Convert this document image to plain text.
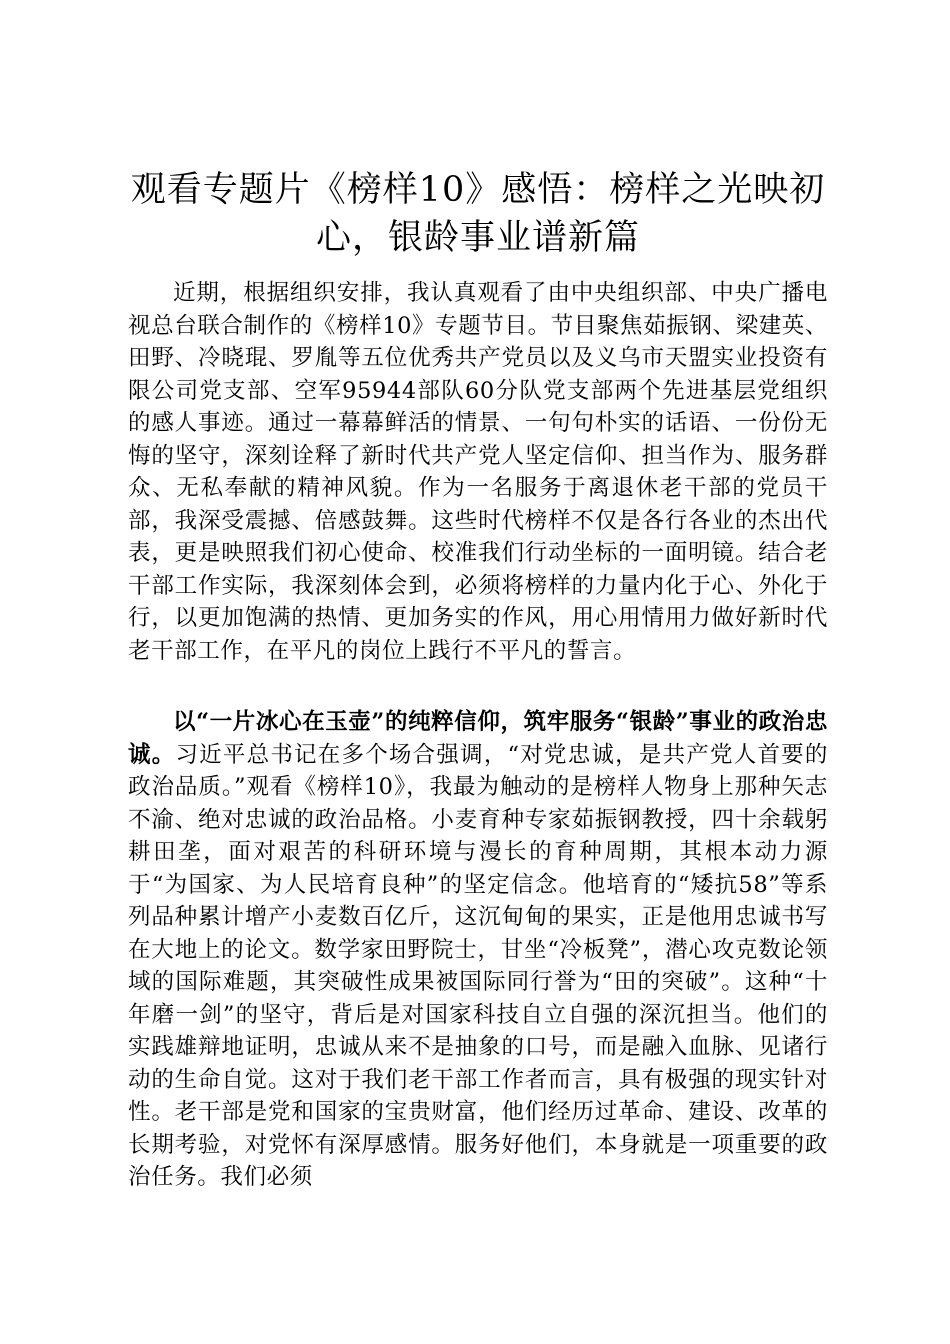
观看专题片《榜样10》感悟：榜样之光映初心，银龄事业谱新篇

近期，根据组织安排，我认真观看了由中央组织部、中央广播电视总台联合制作的《榜样10》专题节目。节目聚焦茹振钢、梁建英、田野、冷晓琨、罗胤等五位优秀共产党员以及义乌市天盟实业投资有限公司党支部、空军95944部队60分队党支部两个先进基层党组织的感人事迹。通过一幕幕鲜活的情景、一句句朴实的话语、一份份无悔的坚守，深刻诠释了新时代共产党人坚定信仰、担当作为、服务群众、无私奉献的精神风貌。作为一名服务于离退休老干部的党员干部，我深受震撼、倍感鼓舞。这些时代榜样不仅是各行各业的杰出代表，更是映照我们初心使命、校准我们行动坐标的一面明镜。结合老干部工作实际，我深刻体会到，必须将榜样的力量内化于心、外化于行，以更加饱满的热情、更加务实的作风，用心用情用力做好新时代老干部工作，在平凡的岗位上践行不平凡的誓言。

以“一片冰心在玉壶”的纯粹信仰，筑牢服务“银龄”事业的政治忠诚。习近平总书记在多个场合强调，“对党忠诚，是共产党人首要的政治品质。”观看《榜样10》，我最为触动的是榜样人物身上那种矢志不渝、绝对忠诚的政治品格。小麦育种专家茹振钢教授，四十余载躬耕田垄，面对艰苦的科研环境与漫长的育种周期，其根本动力源于“为国家、为人民培育良种”的坚定信念。他培育的“矮抗58”等系列品种累计增产小麦数百亿斤，这沉甸甸的果实，正是他用忠诚书写在大地上的论文。数学家田野院士，甘坐“冷板凳”，潜心攻克数论领域的国际难题，其突破性成果被国际同行誉为“田的突破”。这种“十年磨一剑”的坚守，背后是对国家科技自立自强的深沉担当。他们的实践雄辩地证明，忠诚从来不是抽象的口号，而是融入血脉、见诸行动的生命自觉。这对于我们老干部工作者而言，具有极强的现实针对性。老干部是党和国家的宝贵财富，他们经历过革命、建设、改革的长期考验，对党怀有深厚感情。服务好他们，本身就是一项重要的政治任务。我们必须
